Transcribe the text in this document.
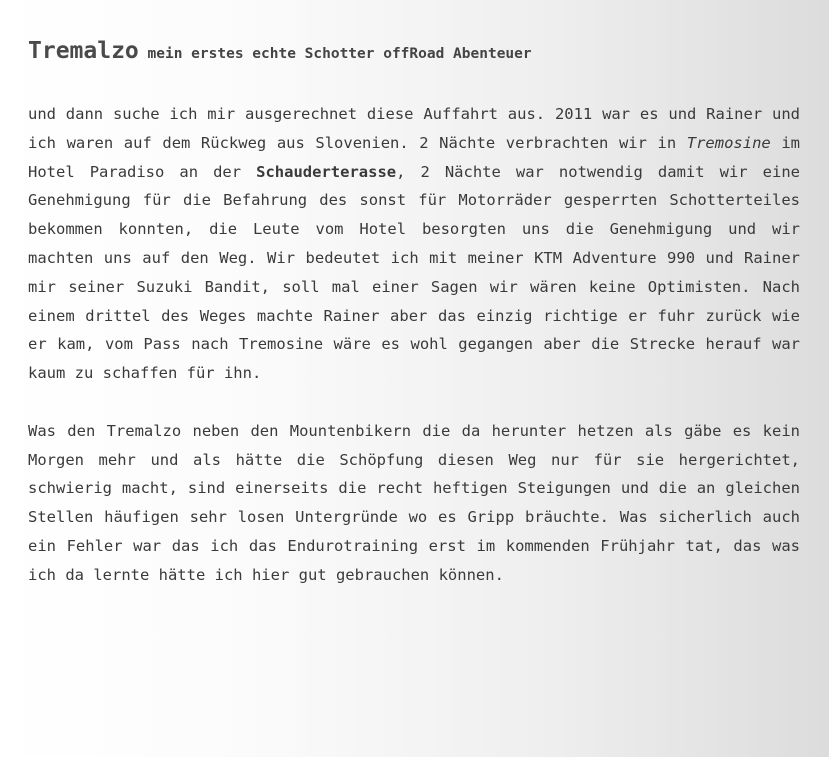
Tremalzo mein erstes echte Schotter offRoad Abenteuer

und dann suche ich mir ausgerechnet diese Auffahrt aus. 2011 war es und Rainer und ich waren auf dem Rückweg aus Slovenien. 2 Nächte verbrachten wir in Tremosine im Hotel Paradiso an der Schauderterasse, 2 Nächte war notwendig damit wir eine Genehmigung für die Befahrung des sonst für Motorräder gesperrten Schotterteiles bekommen konnten, die Leute vom Hotel besorgten uns die Genehmigung und wir machten uns auf den Weg. Wir bedeutet ich mit meiner KTM Adventure 990 und Rainer mir seiner Suzuki Bandit, soll mal einer Sagen wir wären keine Optimisten. Nach einem drittel des Weges machte Rainer aber das einzig richtige er fuhr zurück wie er kam, vom Pass nach Tremosine wäre es wohl gegangen aber die Strecke herauf war kaum zu schaffen für ihn.

Was den Tremalzo neben den Mountenbikern die da herunter hetzen als gäbe es kein Morgen mehr und als hätte die Schöpfung diesen Weg nur für sie hergerichtet, schwierig macht, sind einerseits die recht heftigen Steigungen und die an gleichen Stellen häufigen sehr losen Untergründe wo es Gripp bräuchte. Was sicherlich auch ein Fehler war das ich das Endurotraining erst im kommenden Frühjahr tat, das was ich da lernte hätte ich hier gut gebrauchen können.
